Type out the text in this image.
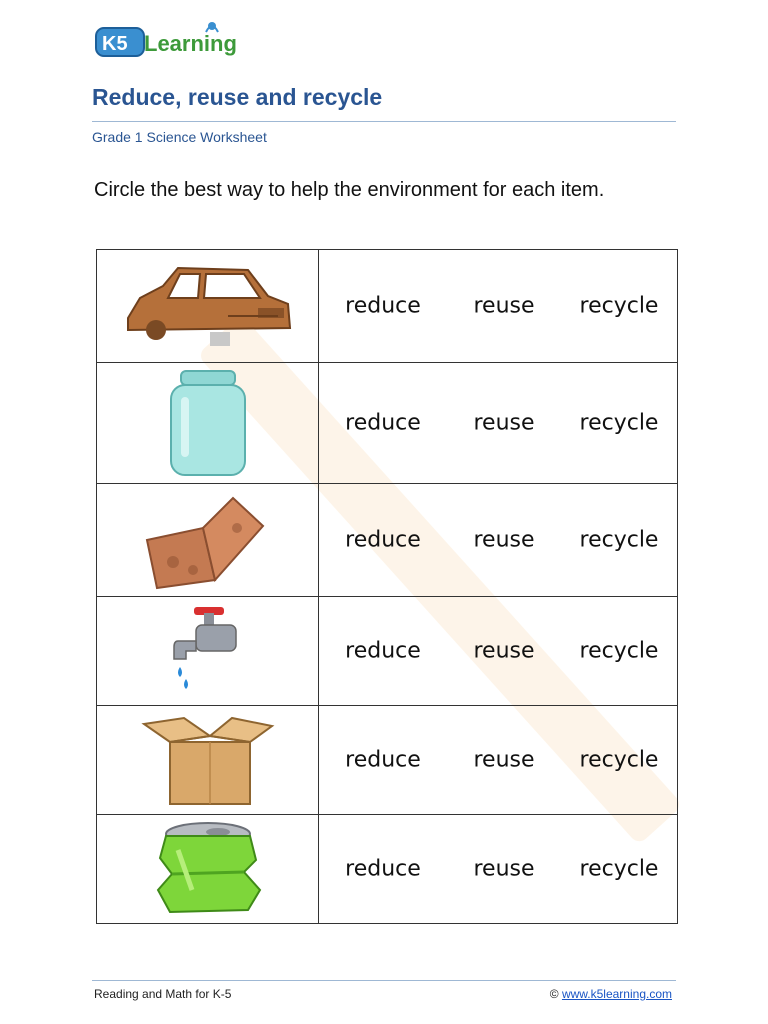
K5 Learning
Reduce, reuse and recycle
Grade 1 Science Worksheet
Circle the best way to help the environment for each item.

reduce reuse recycle

reduce reuse recycle

reduce reuse recycle

reduce reuse recycle

reduce reuse recycle

reduce reuse recycle
Reading and Math for K-5	© www.k5learning.com
